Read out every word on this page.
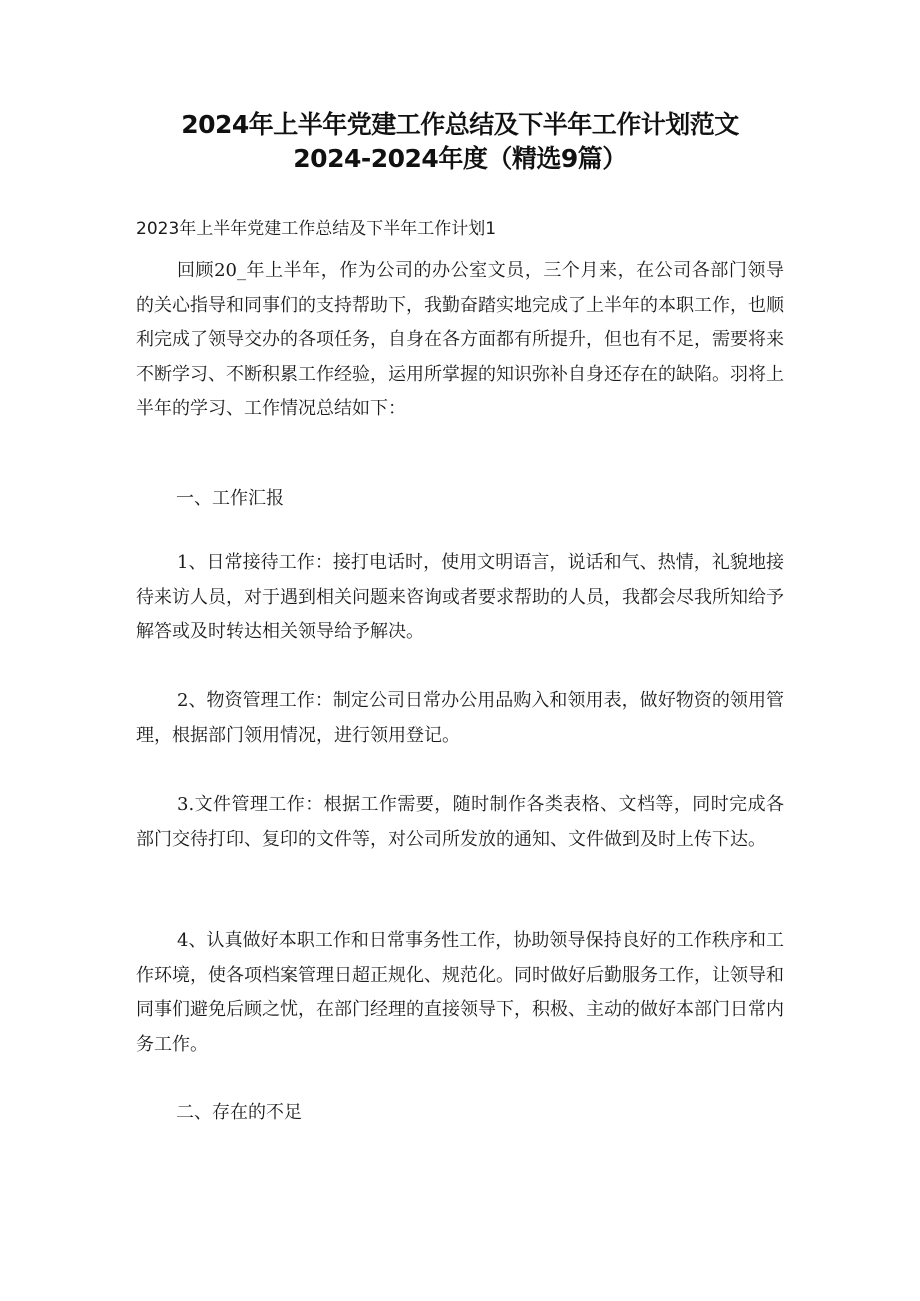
2024年上半年党建工作总结及下半年工作计划范文
2024-2024年度（精选9篇）

2023年上半年党建工作总结及下半年工作计划1

回顾20_年上半年，作为公司的办公室文员，三个月来，在公司各部门领导的关心指导和同事们的支持帮助下，我勤奋踏实地完成了上半年的本职工作，也顺利完成了领导交办的各项任务，自身在各方面都有所提升，但也有不足，需要将来不断学习、不断积累工作经验，运用所掌握的知识弥补自身还存在的缺陷。羽将上半年的学习、工作情况总结如下：

一、工作汇报

1、日常接待工作：接打电话时，使用文明语言，说话和气、热情，礼貌地接待来访人员，对于遇到相关问题来咨询或者要求帮助的人员，我都会尽我所知给予解答或及时转达相关领导给予解决。

2、物资管理工作：制定公司日常办公用品购入和领用表，做好物资的领用管理，根据部门领用情况，进行领用登记。

3.文件管理工作：根据工作需要，随时制作各类表格、文档等，同时完成各部门交待打印、复印的文件等，对公司所发放的通知、文件做到及时上传下达。

4、认真做好本职工作和日常事务性工作，协助领导保持良好的工作秩序和工作环境，使各项档案管理日超正规化、规范化。同时做好后勤服务工作，让领导和同事们避免后顾之忧，在部门经理的直接领导下，积极、主动的做好本部门日常内务工作。

二、存在的不足
